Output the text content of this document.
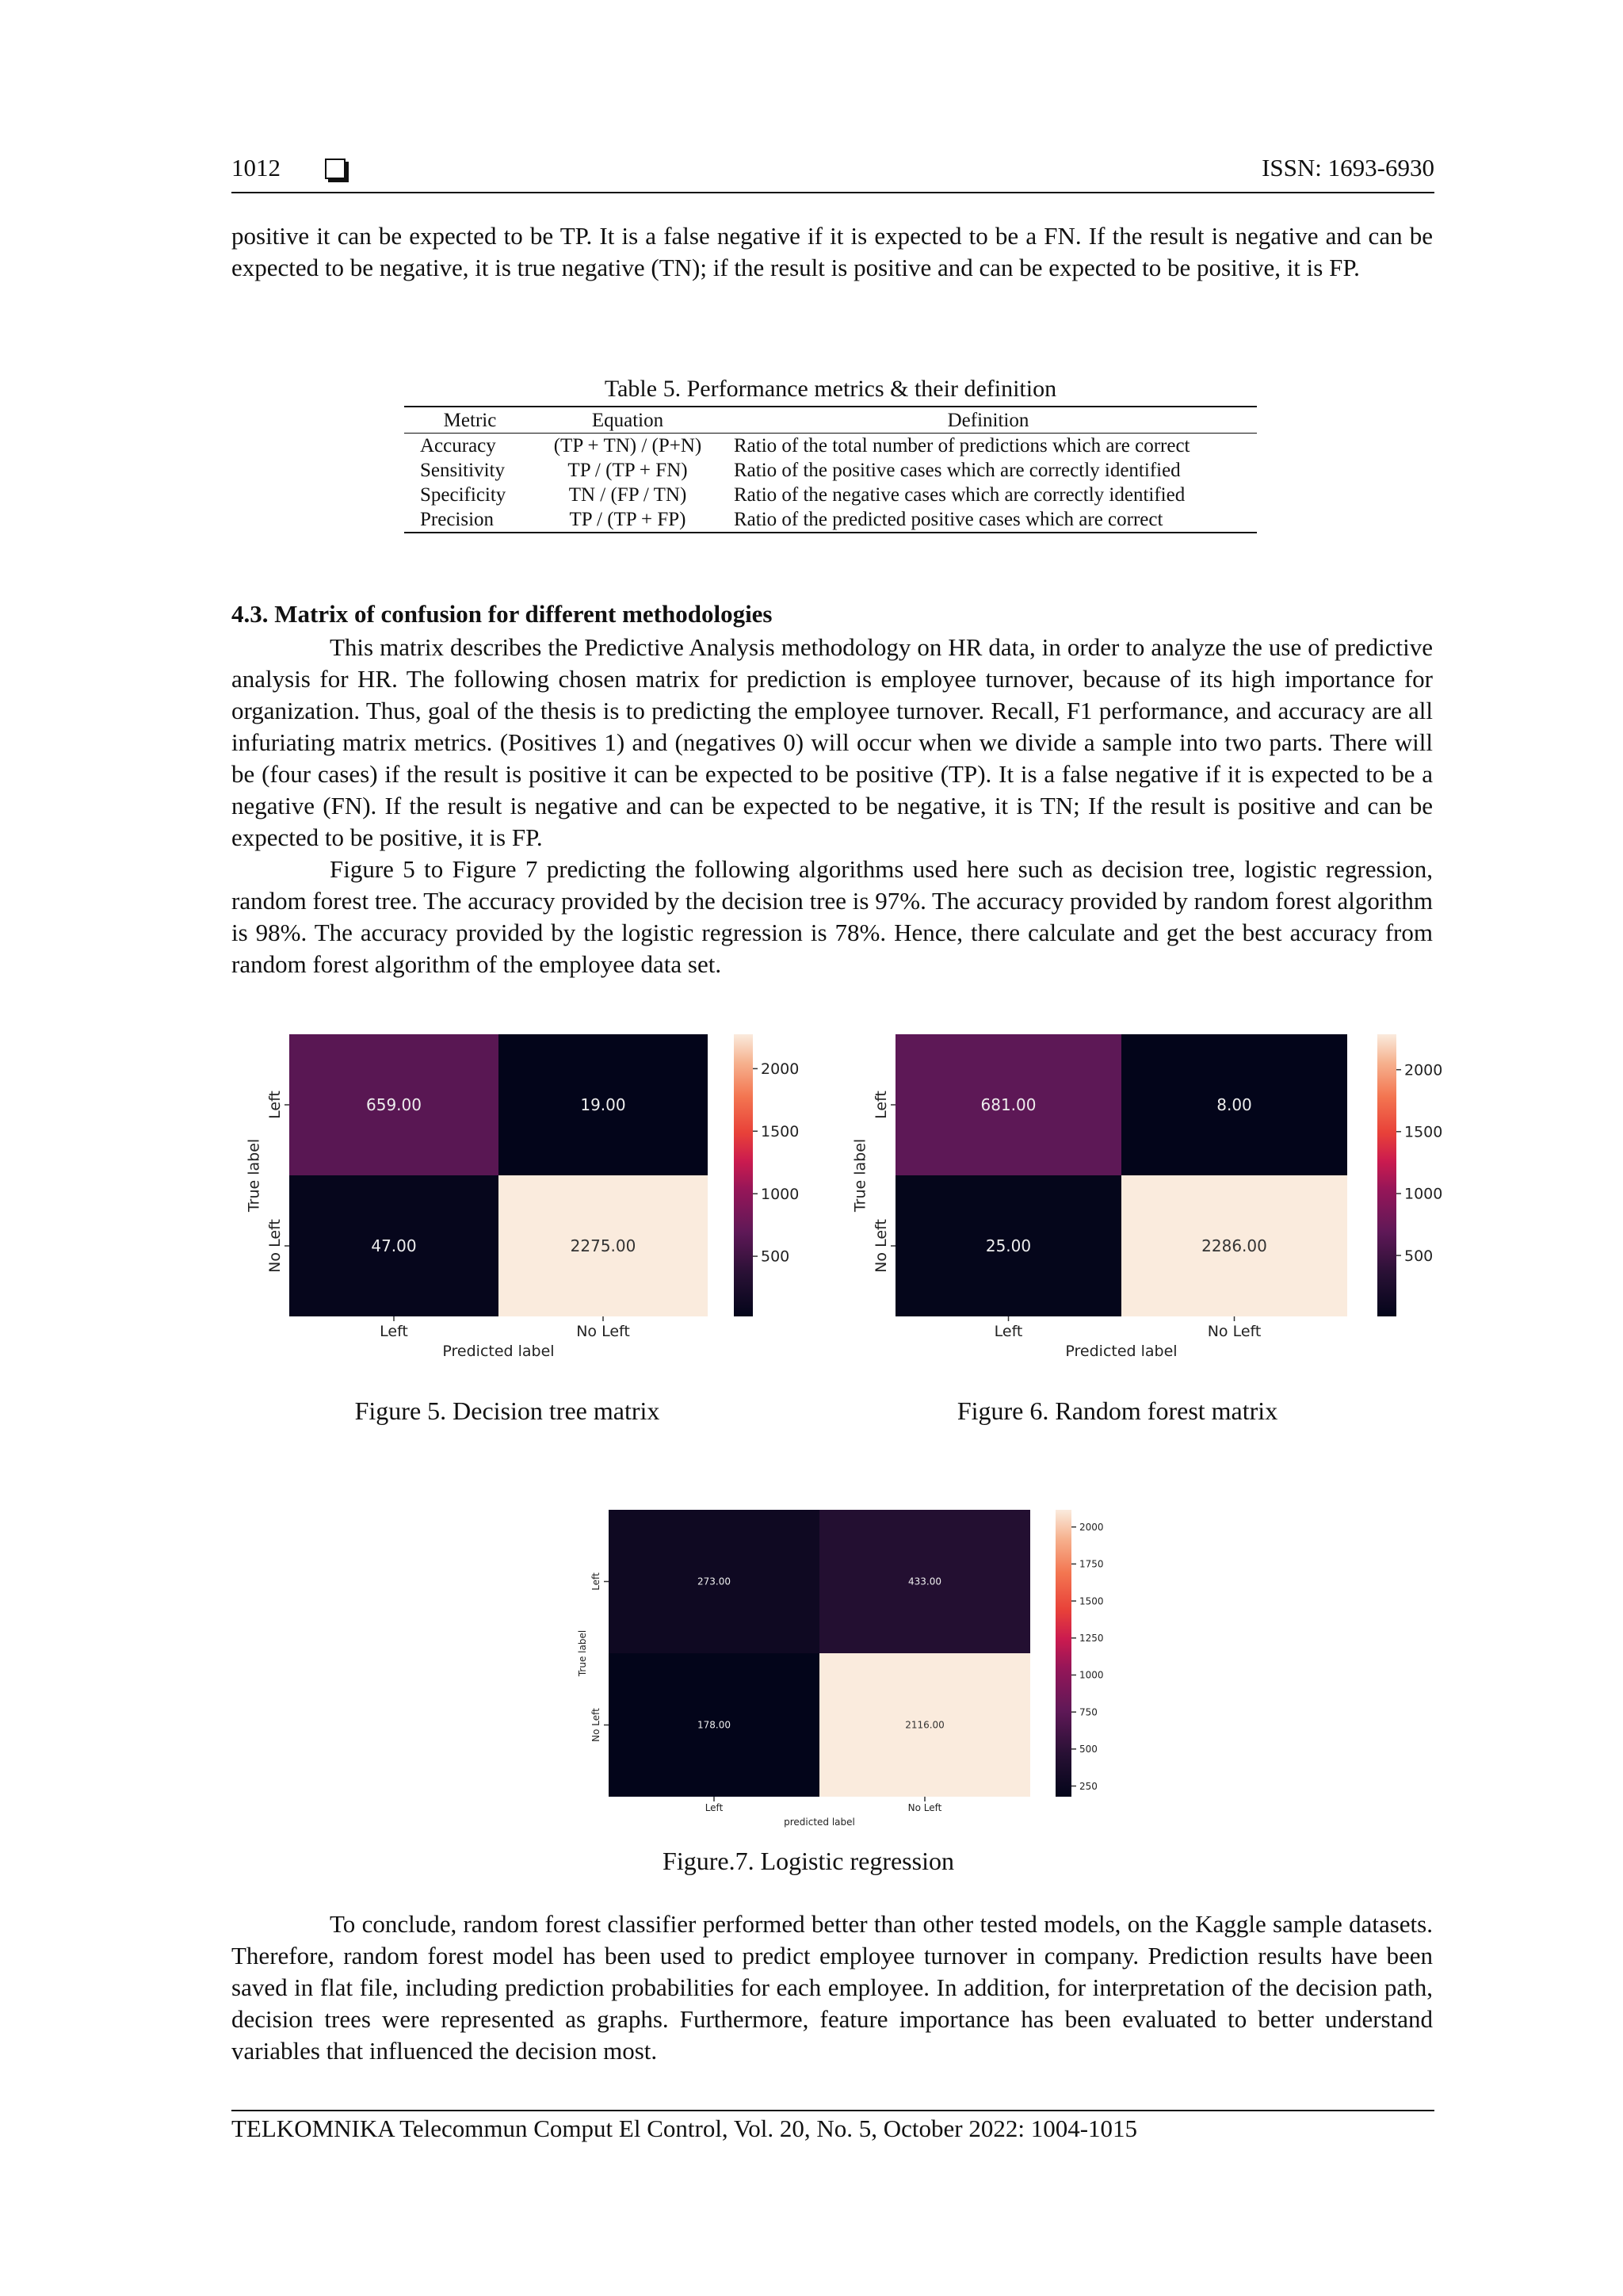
1012	ISSN: 1693-6930

positive it can be expected to be TP. It is a false negative if it is expected to be a FN. If the result is negative and can be expected to be negative, it is true negative (TN); if the result is positive and can be expected to be positive, it is FP.

Table 5. Performance metrics & their definition
Metric	Equation	Definition
Accuracy	(TP + TN) / (P+N)	Ratio of the total number of predictions which are correct
Sensitivity	TP / (TP + FN)	Ratio of the positive cases which are correctly identified
Specificity	TN / (FP / TN)	Ratio of the negative cases which are correctly identified
Precision	TP / (TP + FP)	Ratio of the predicted positive cases which are correct
4.3. Matrix of confusion for different methodologies

This matrix describes the Predictive Analysis methodology on HR data, in order to analyze the use of predictive analysis for HR. The following chosen matrix for prediction is employee turnover, because of its high importance for organization. Thus, goal of the thesis is to predicting the employee turnover. Recall, F1 performance, and accuracy are all infuriating matrix metrics. (Positives 1) and (negatives 0) will occur when we divide a sample into two parts. There will be (four cases) if the result is positive it can be expected to be positive (TP). It is a false negative if it is expected to be a negative (FN). If the result is negative and can be expected to be negative, it is TN; If the result is positive and can be expected to be positive, it is FP.

Figure 5 to Figure 7 predicting the following algorithms used here such as decision tree, logistic regression, random forest tree. The accuracy provided by the decision tree is 97%. The accuracy provided by random forest algorithm is 98%. The accuracy provided by the logistic regression is 78%. Hence, there calculate and get the best accuracy from random forest algorithm of the employee data set.

659.00	19.00
47.00	2275.00
Left	No Left
Predicted label
Left
No Left
True label
2000
1500
1000
500
681.00	8.00
25.00	2286.00
Left	No Left
Predicted label
Left
No Left
True label
2000
1500
1000
500
273.00	433.00
178.00	2116.00
Left	No Left
predicted label
Left
No Left
True label
2000
1750
1500
1250
1000
750
500
250
Figure 5. Decision tree matrix	Figure 6. Random forest matrix
Figure.7. Logistic regression

To conclude, random forest classifier performed better than other tested models, on the Kaggle sample datasets. Therefore, random forest model has been used to predict employee turnover in company. Prediction results have been saved in flat file, including prediction probabilities for each employee. In addition, for interpretation of the decision path, decision trees were represented as graphs. Furthermore, feature importance has been evaluated to better understand variables that influenced the decision most.

TELKOMNIKA Telecommun Comput El Control, Vol. 20, No. 5, October 2022: 1004-1015
